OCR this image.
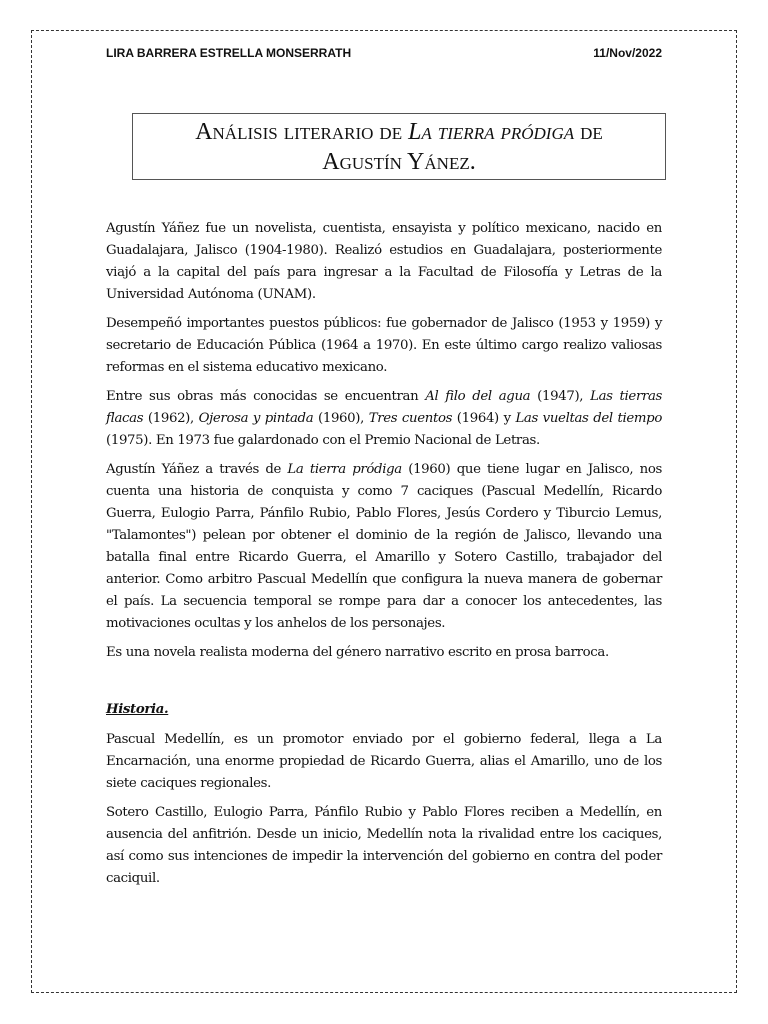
LIRA BARRERA ESTRELLA MONSERRATH	11/Nov/2022
Análisis literario de La tierra pródiga de
Agustín Yánez.

Agustín Yáñez fue un novelista, cuentista, ensayista y político mexicano, nacido en Guadalajara, Jalisco (1904-1980). Realizó estudios en Guadalajara, posteriormente viajó a la capital del país para ingresar a la Facultad de Filosofía y Letras de la Universidad Autónoma (UNAM).

Desempeñó importantes puestos públicos: fue gobernador de Jalisco (1953 y 1959) y secretario de Educación Pública (1964 a 1970). En este último cargo realizo valiosas reformas en el sistema educativo mexicano.

Entre sus obras más conocidas se encuentran Al filo del agua (1947), Las tierras flacas (1962), Ojerosa y pintada (1960), Tres cuentos (1964) y Las vueltas del tiempo (1975). En 1973 fue galardonado con el Premio Nacional de Letras.

Agustín Yáñez a través de La tierra pródiga (1960) que tiene lugar en Jalisco, nos cuenta una historia de conquista y como 7 caciques (Pascual Medellín, Ricardo Guerra, Eulogio Parra, Pánfilo Rubio, Pablo Flores, Jesús Cordero y Tiburcio Lemus, "Talamontes") pelean por obtener el dominio de la región de Jalisco, llevando una batalla final entre Ricardo Guerra, el Amarillo y Sotero Castillo, trabajador del anterior. Como arbitro Pascual Medellín que configura la nueva manera de gobernar el país. La secuencia temporal se rompe para dar a conocer los antecedentes, las motivaciones ocultas y los anhelos de los personajes.

Es una novela realista moderna del género narrativo escrito en prosa barroca.

Historia.

Pascual Medellín, es un promotor enviado por el gobierno federal, llega a La Encarnación, una enorme propiedad de Ricardo Guerra, alias el Amarillo, uno de los siete caciques regionales.

Sotero Castillo, Eulogio Parra, Pánfilo Rubio y Pablo Flores reciben a Medellín, en ausencia del anfitrión. Desde un inicio, Medellín nota la rivalidad entre los caciques, así como sus intenciones de impedir la intervención del gobierno en contra del poder caciquil.
